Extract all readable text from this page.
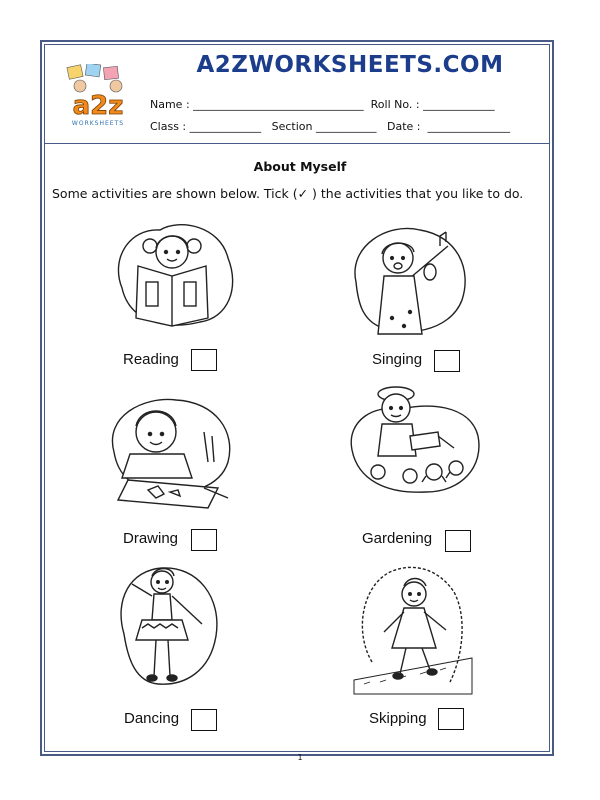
a2z
WORKSHEETS
A2ZWORKSHEETS.COM
Name : _______________________________  Roll No. : _____________
Class : _____________   Section ___________   Date :  _______________
About Myself
Some activities are shown below. Tick (✓ ) the activities that you like to do.
Reading	Singing
Drawing	Gardening
Dancing	Skipping
1
